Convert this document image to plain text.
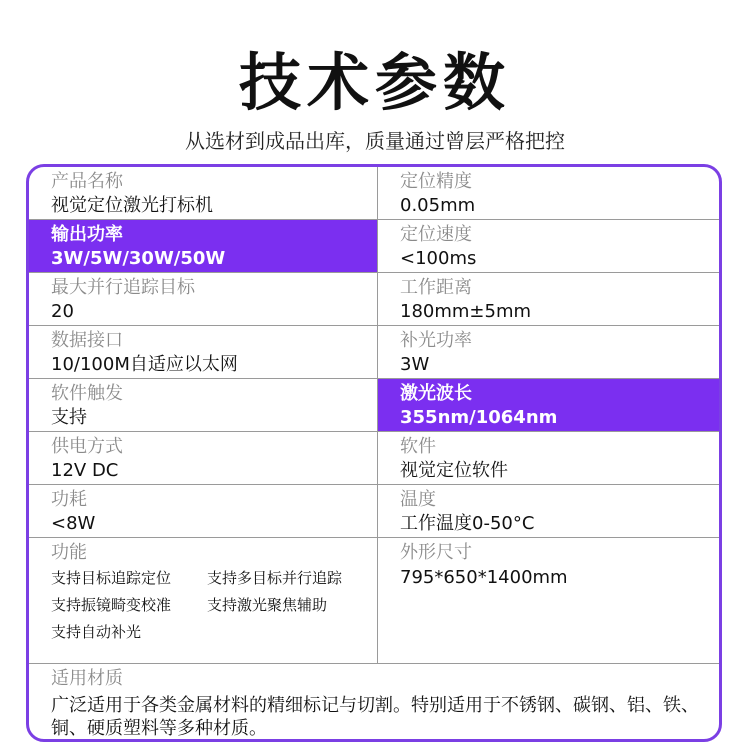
技术参数
从选材到成品出库，质量通过曾层严格把控
产品名称
视觉定位激光打标机
定位精度
0.05mm
输出功率
3W/5W/30W/50W
定位速度
<100ms
最大并行追踪目标
20
工作距离
180mm±5mm
数据接口
10/100M自适应以太网
补光功率
3W
软件触发
支持
激光波长
355nm/1064nm
供电方式
12V DC
软件
视觉定位软件
功耗
<8W
温度
工作温度0-50°C
功能
支持目标追踪定位 支持多目标并行追踪
支持振镜畸变校准 支持激光聚焦辅助
支持自动补光
外形尺寸
795*650*1400mm
适用材质
广泛适用于各类金属材料的精细标记与切割。特别适用于不锈钢、碳钢、铝、铁、铜、硬质塑料等多种材质。
